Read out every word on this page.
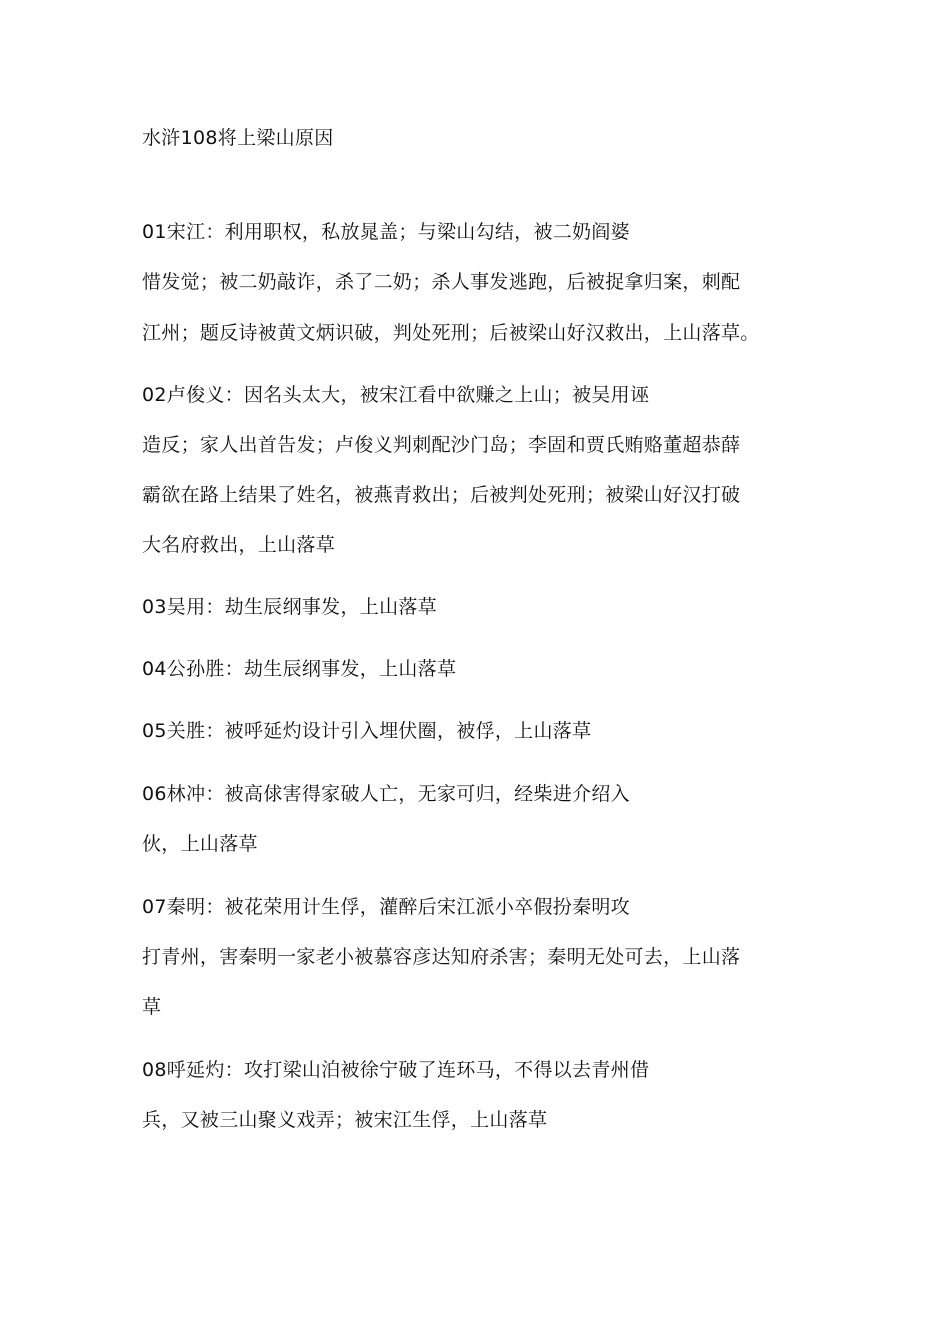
水浒108将上梁山原因
01宋江：利用职权，私放晁盖；与梁山勾结，被二奶阎婆
惜发觉；被二奶敲诈，杀了二奶；杀人事发逃跑，后被捉拿归案，刺配
江州；题反诗被黄文炳识破，判处死刑；后被梁山好汉救出，上山落草。
02卢俊义：因名头太大，被宋江看中欲赚之上山；被吴用诬
造反；家人出首告发；卢俊义判刺配沙门岛；李固和贾氏贿赂董超恭薛
霸欲在路上结果了姓名，被燕青救出；后被判处死刑；被梁山好汉打破
大名府救出，上山落草
03吴用：劫生辰纲事发，上山落草
04公孙胜：劫生辰纲事发，上山落草
05关胜：被呼延灼设计引入埋伏圈，被俘，上山落草
06林冲：被高俅害得家破人亡，无家可归，经柴进介绍入
伙，上山落草
07秦明：被花荣用计生俘，灌醉后宋江派小卒假扮秦明攻
打青州，害秦明一家老小被慕容彦达知府杀害；秦明无处可去，上山落
草
08呼延灼：攻打梁山泊被徐宁破了连环马，不得以去青州借
兵，又被三山聚义戏弄；被宋江生俘，上山落草
